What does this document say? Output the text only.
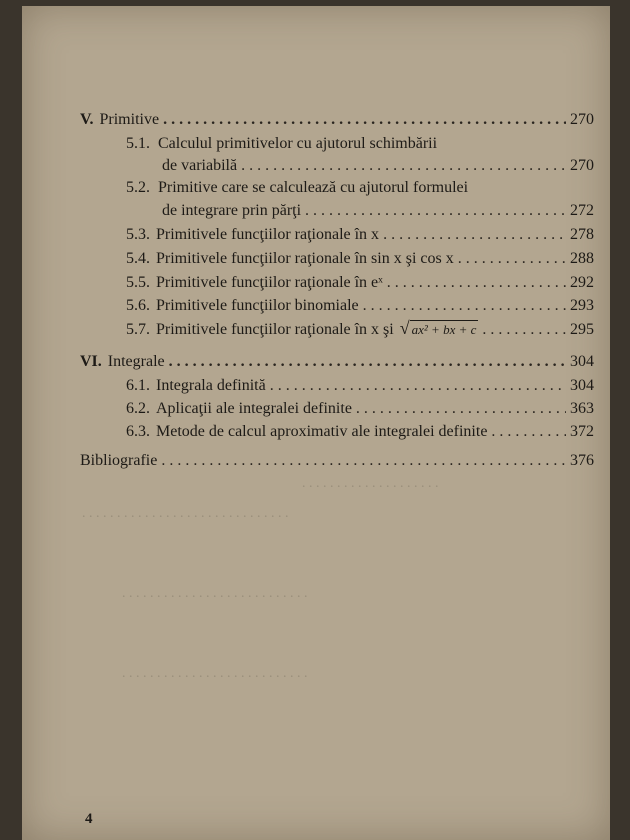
. . . . . . . . . . . . . . . . . . . .
. . . . . . . . . . . . . . . . . . . . . . . . . . . . . .
. . . . . . . . . . . . . . . . . . . . . . . . . . .
. . . . . . . . . . . . . . . . . . . . . . . . . . .
V. Primitive . . .	270
5.1. Calculul primitivelor cu ajutorul schimbării
de variabilă . . .	270
5.2. Primitive care se calculează cu ajutorul formulei
de integrare prin părţi . . .	272
5.3. Primitivele funcţiilor raţionale în x . . .	278
5.4. Primitivele funcţiilor raţionale în sin x şi cos x . . .	288
5.5. Primitivele funcţiilor raţionale în eˣ . . .	292
5.6. Primitivele funcţiilor binomiale . . .	293
5.7. Primitivele funcţiilor raţionale în x şi √ ax² + bx + c . . .	295
VI. Integrale . . .	304
6.1. Integrala definită . . .	304
6.2. Aplicaţii ale integralei definite . . .	363
6.3. Metode de calcul aproximativ ale integralei definite . . .	372
Bibliografie . . .	376
4
